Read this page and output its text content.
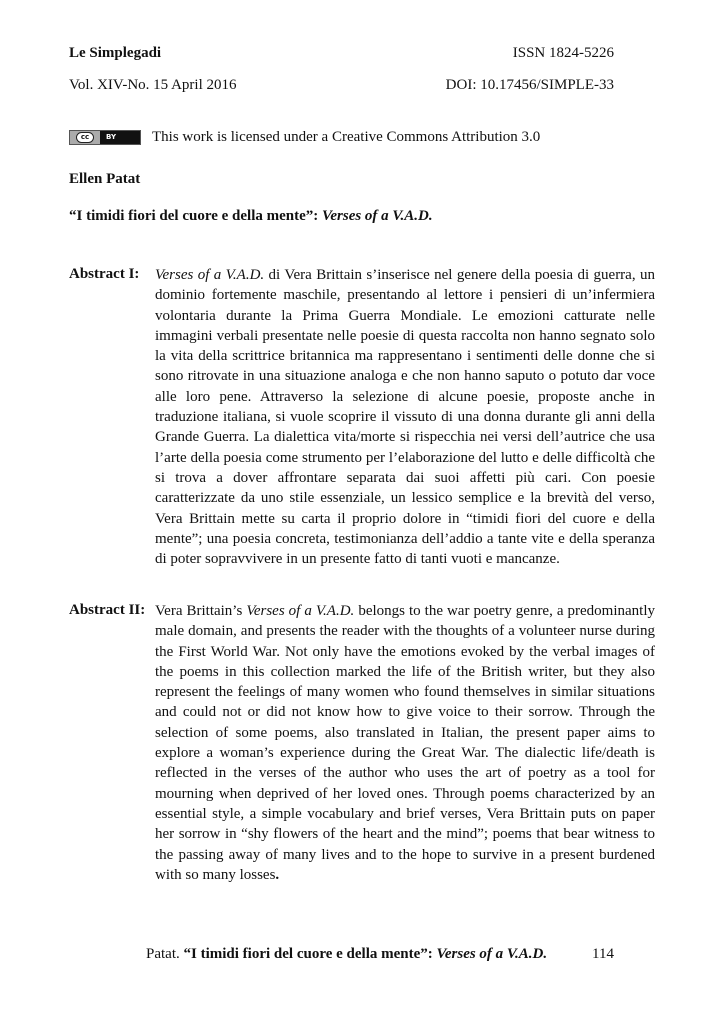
Le Simplegadi	ISSN 1824-5226
Vol. XIV-No. 15 April 2016	DOI: 10.17456/SIMPLE-33
cc	BY	This work is licensed under a Creative Commons Attribution 3.0
Ellen Patat
“I timidi fiori del cuore e della mente”: Verses of a V.A.D.
Abstract I: Verses of a V.A.D. di Vera Brittain s’inserisce nel genere della poesia di guerra, un dominio fortemente maschile, presentando al lettore i pensieri di un’infermiera volontaria durante la Prima Guerra Mondiale. Le emozioni catturate nelle immagini verbali presentate nelle poesie di questa raccolta non hanno segnato solo la vita della scrittrice britannica ma rappresentano i sentimenti delle donne che si sono ritrovate in una situazione analoga e che non hanno saputo o potuto dar voce alle loro pene. Attraverso la selezione di alcune poesie, proposte anche in traduzione italiana, si vuole scoprire il vissuto di una donna durante gli anni della Grande Guerra. La dialettica vita/morte si rispecchia nei versi dell’autrice che usa l’arte della poesia come strumento per l’elaborazione del lutto e delle difficoltà che si trova a dover affrontare separata dai suoi affetti più cari. Con poesie caratterizzate da uno stile essenziale, un lessico semplice e la brevità del verso, Vera Brittain mette su carta il proprio dolore in “timidi fiori del cuore e della mente”; una poesia concreta, testimonianza dell’addio a tante vite e della speranza di poter sopravvivere in un presente fatto di tanti vuoti e mancanze.
Abstract II: Vera Brittain’s Verses of a V.A.D. belongs to the war poetry genre, a predominantly male domain, and presents the reader with the thoughts of a volunteer nurse during the First World War. Not only have the emotions evoked by the verbal images of the poems in this collection marked the life of the British writer, but they also represent the feelings of many women who found themselves in similar situations and could not or did not know how to give voice to their sorrow. Through the selection of some poems, also translated in Italian, the present paper aims to explore a woman’s experience during the Great War. The dialectic life/death is reflected in the verses of the author who uses the art of poetry as a tool for mourning when deprived of her loved ones. Through poems characterized by an essential style, a simple vocabulary and brief verses, Vera Brittain puts on paper her sorrow in “shy flowers of the heart and the mind”; poems that bear witness to the passing away of many lives and to the hope to survive in a present burdened with so many losses.
Patat. “I timidi fiori del cuore e della mente”: Verses of a V.A.D.	114
